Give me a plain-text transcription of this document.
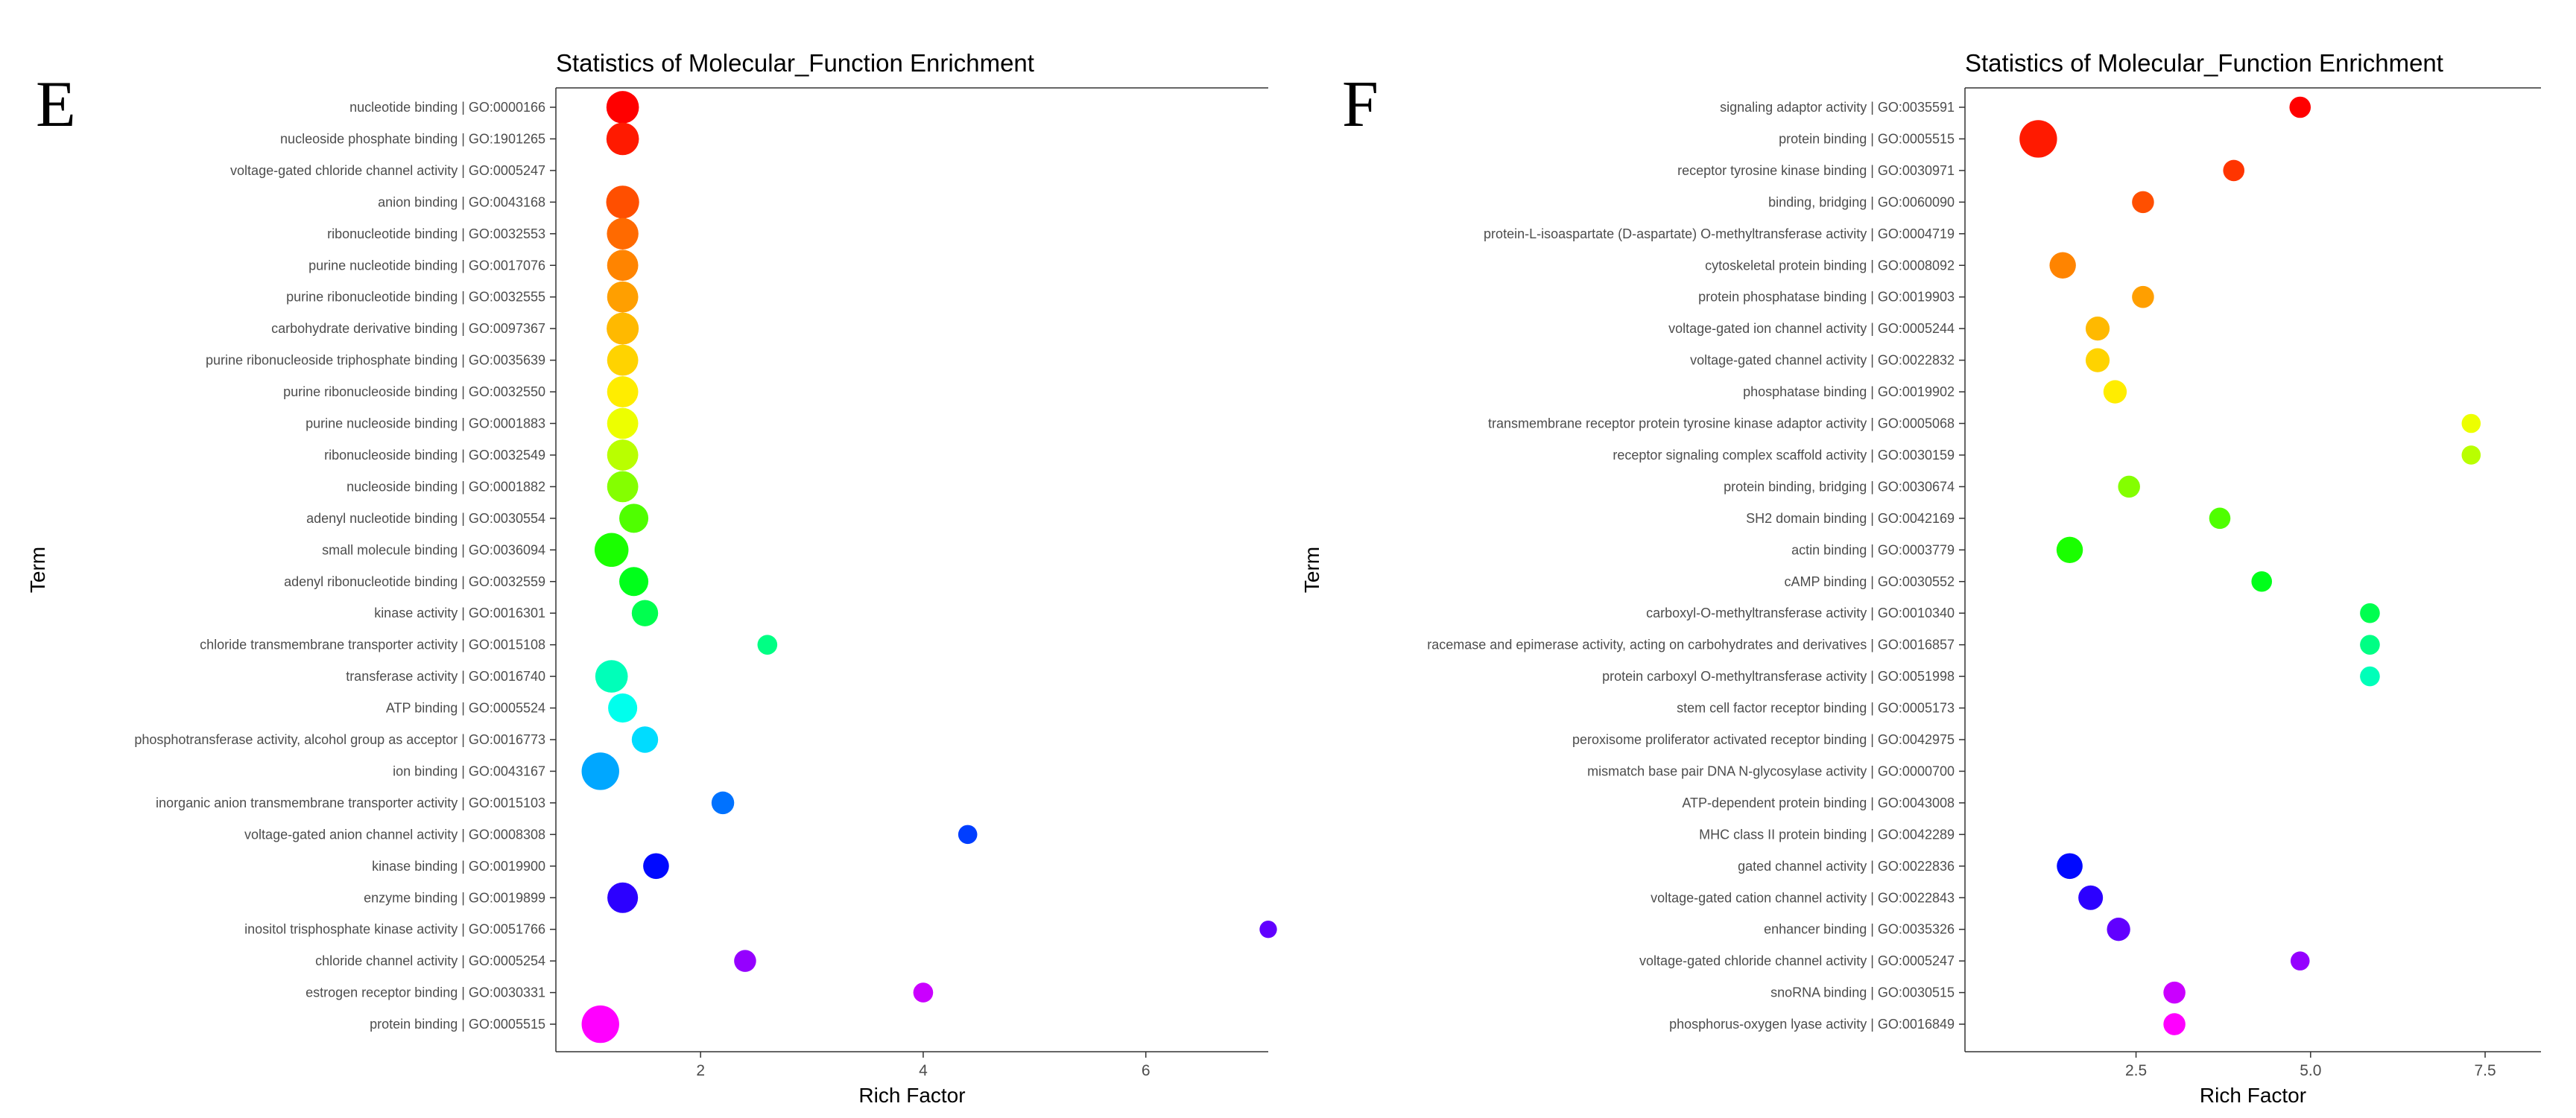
E	F
Statistics of Molecular_Function Enrichment
2	4	6
Rich Factor
Term
nucleotide binding | GO:0000166
nucleoside phosphate binding | GO:1901265
voltage-gated chloride channel activity | GO:0005247
anion binding | GO:0043168
ribonucleotide binding | GO:0032553
purine nucleotide binding | GO:0017076
purine ribonucleotide binding | GO:0032555
carbohydrate derivative binding | GO:0097367
purine ribonucleoside triphosphate binding | GO:0035639
purine ribonucleoside binding | GO:0032550
purine nucleoside binding | GO:0001883
ribonucleoside binding | GO:0032549
nucleoside binding | GO:0001882
adenyl nucleotide binding | GO:0030554
small molecule binding | GO:0036094
adenyl ribonucleotide binding | GO:0032559
kinase activity | GO:0016301
chloride transmembrane transporter activity | GO:0015108
transferase activity | GO:0016740
ATP binding | GO:0005524
phosphotransferase activity, alcohol group as acceptor | GO:0016773
ion binding | GO:0043167
inorganic anion transmembrane transporter activity | GO:0015103
voltage-gated anion channel activity | GO:0008308
kinase binding | GO:0019900
enzyme binding | GO:0019899
inositol trisphosphate kinase activity | GO:0051766
chloride channel activity | GO:0005254
estrogen receptor binding | GO:0030331
protein binding | GO:0005515
Statistics of Molecular_Function Enrichment
2.5	5.0	7.5
Rich Factor
Term
signaling adaptor activity | GO:0035591
protein binding | GO:0005515
receptor tyrosine kinase binding | GO:0030971
binding, bridging | GO:0060090
protein-L-isoaspartate (D-aspartate) O-methyltransferase activity | GO:0004719
cytoskeletal protein binding | GO:0008092
protein phosphatase binding | GO:0019903
voltage-gated ion channel activity | GO:0005244
voltage-gated channel activity | GO:0022832
phosphatase binding | GO:0019902
transmembrane receptor protein tyrosine kinase adaptor activity | GO:0005068
receptor signaling complex scaffold activity | GO:0030159
protein binding, bridging | GO:0030674
SH2 domain binding | GO:0042169
actin binding | GO:0003779
cAMP binding | GO:0030552
carboxyl-O-methyltransferase activity | GO:0010340
racemase and epimerase activity, acting on carbohydrates and derivatives | GO:0016857
protein carboxyl O-methyltransferase activity | GO:0051998
stem cell factor receptor binding | GO:0005173
peroxisome proliferator activated receptor binding | GO:0042975
mismatch base pair DNA N-glycosylase activity | GO:0000700
ATP-dependent protein binding | GO:0043008
MHC class II protein binding | GO:0042289
gated channel activity | GO:0022836
voltage-gated cation channel activity | GO:0022843
enhancer binding | GO:0035326
voltage-gated chloride channel activity | GO:0005247
snoRNA binding | GO:0030515
phosphorus-oxygen lyase activity | GO:0016849
